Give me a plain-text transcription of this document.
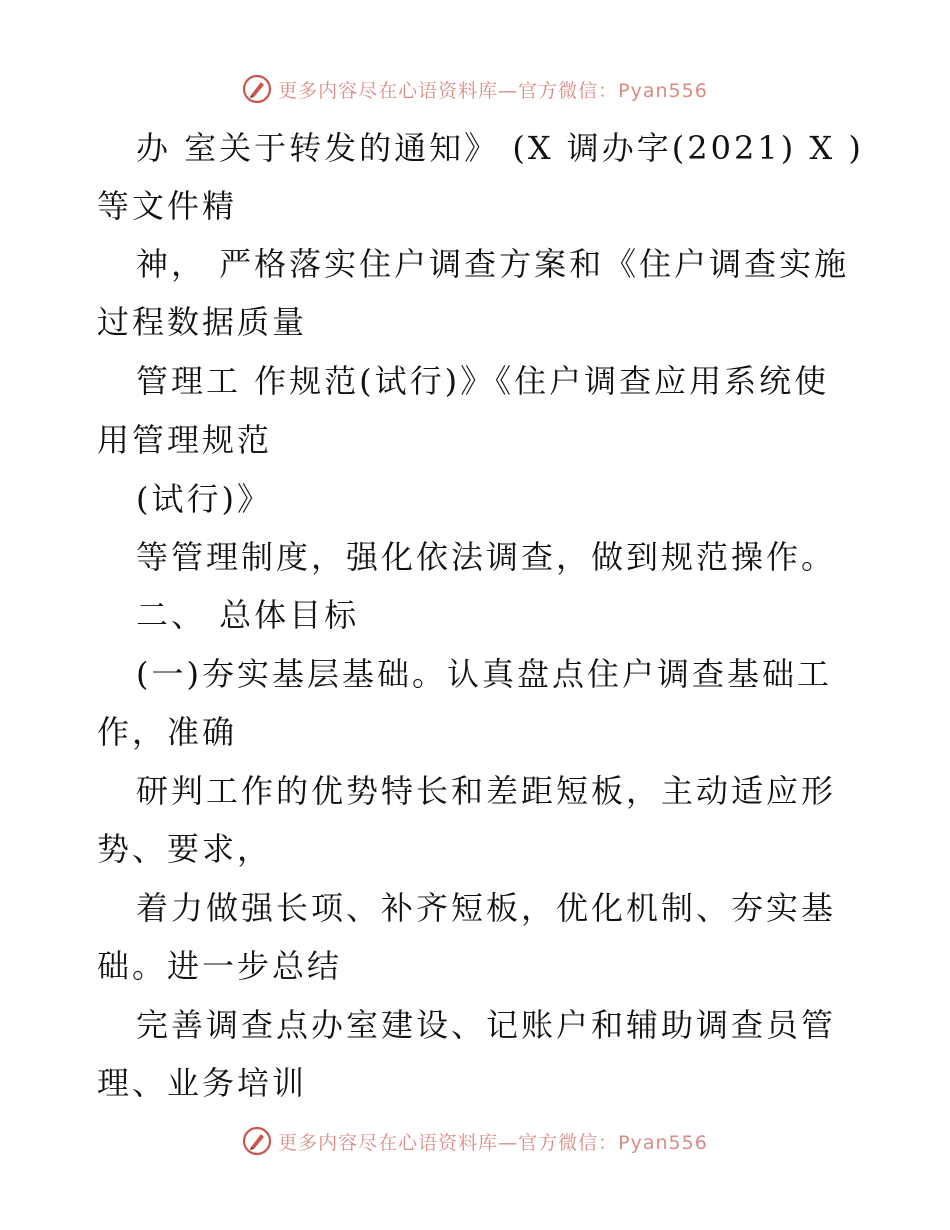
更多内容尽在心语资料库—官方微信：Pyan556
办 室关于转发的通知》 (X 调办字(2021) X )
等文件精
神， 严格落实住户调查方案和《住户调查实施
过程数据质量
管理工 作规范(试行)》《住户调查应用系统使
用管理规范
(试行)》
等管理制度，强化依法调查，做到规范操作。
二、 总体目标
(一)夯实基层基础。认真盘点住户调查基础工
作，准确
研判工作的优势特长和差距短板，主动适应形
势、要求，
着力做强长项、补齐短板，优化机制、夯实基
础。进一步总结
完善调查点办室建设、记账户和辅助调查员管
理、业务培训
更多内容尽在心语资料库—官方微信：Pyan556
